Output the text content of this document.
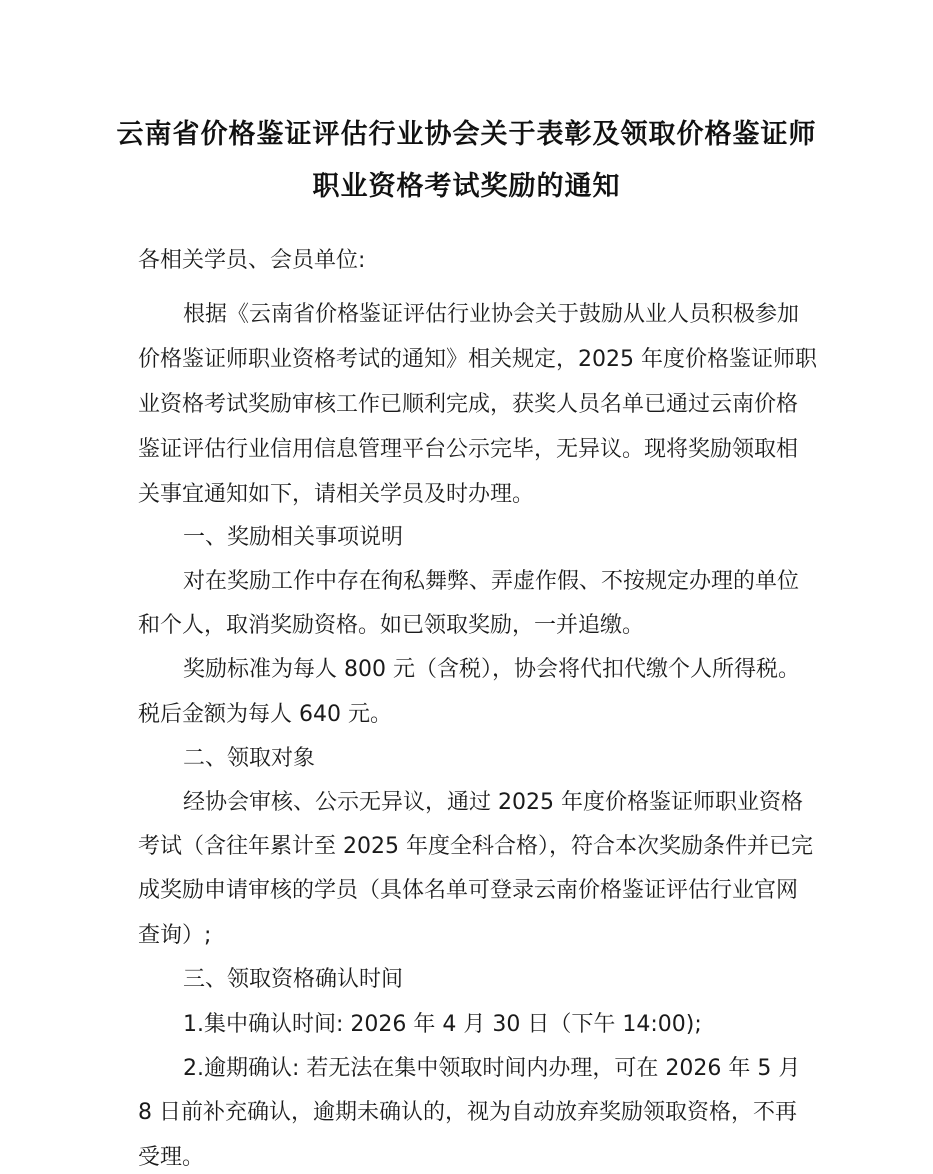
云南省价格鉴证评估行业协会关于表彰及领取价格鉴证师
职业资格考试奖励的通知
各相关学员、会员单位:
根据《云南省价格鉴证评估行业协会关于鼓励从业人员积极参加
价格鉴证师职业资格考试的通知》相关规定，2025 年度价格鉴证师职
业资格考试奖励审核工作已顺利完成，获奖人员名单已通过云南价格
鉴证评估行业信用信息管理平台公示完毕，无异议。现将奖励领取相
关事宜通知如下，请相关学员及时办理。
一、奖励相关事项说明
对在奖励工作中存在徇私舞弊、弄虚作假、不按规定办理的单位
和个人，取消奖励资格。如已领取奖励，一并追缴。
奖励标准为每人 800 元（含税），协会将代扣代缴个人所得税。
税后金额为每人 640 元。
二、领取对象
经协会审核、公示无异议，通过 2025 年度价格鉴证师职业资格
考试（含往年累计至 2025 年度全科合格），符合本次奖励条件并已完
成奖励申请审核的学员（具体名单可登录云南价格鉴证评估行业官网
查询）;
三、领取资格确认时间
1.集中确认时间: 2026 年 4 月 30 日（下午 14:00);
2.逾期确认: 若无法在集中领取时间内办理，可在 2026 年 5 月
8 日前补充确认，逾期未确认的，视为自动放弃奖励领取资格，不再
受理。
